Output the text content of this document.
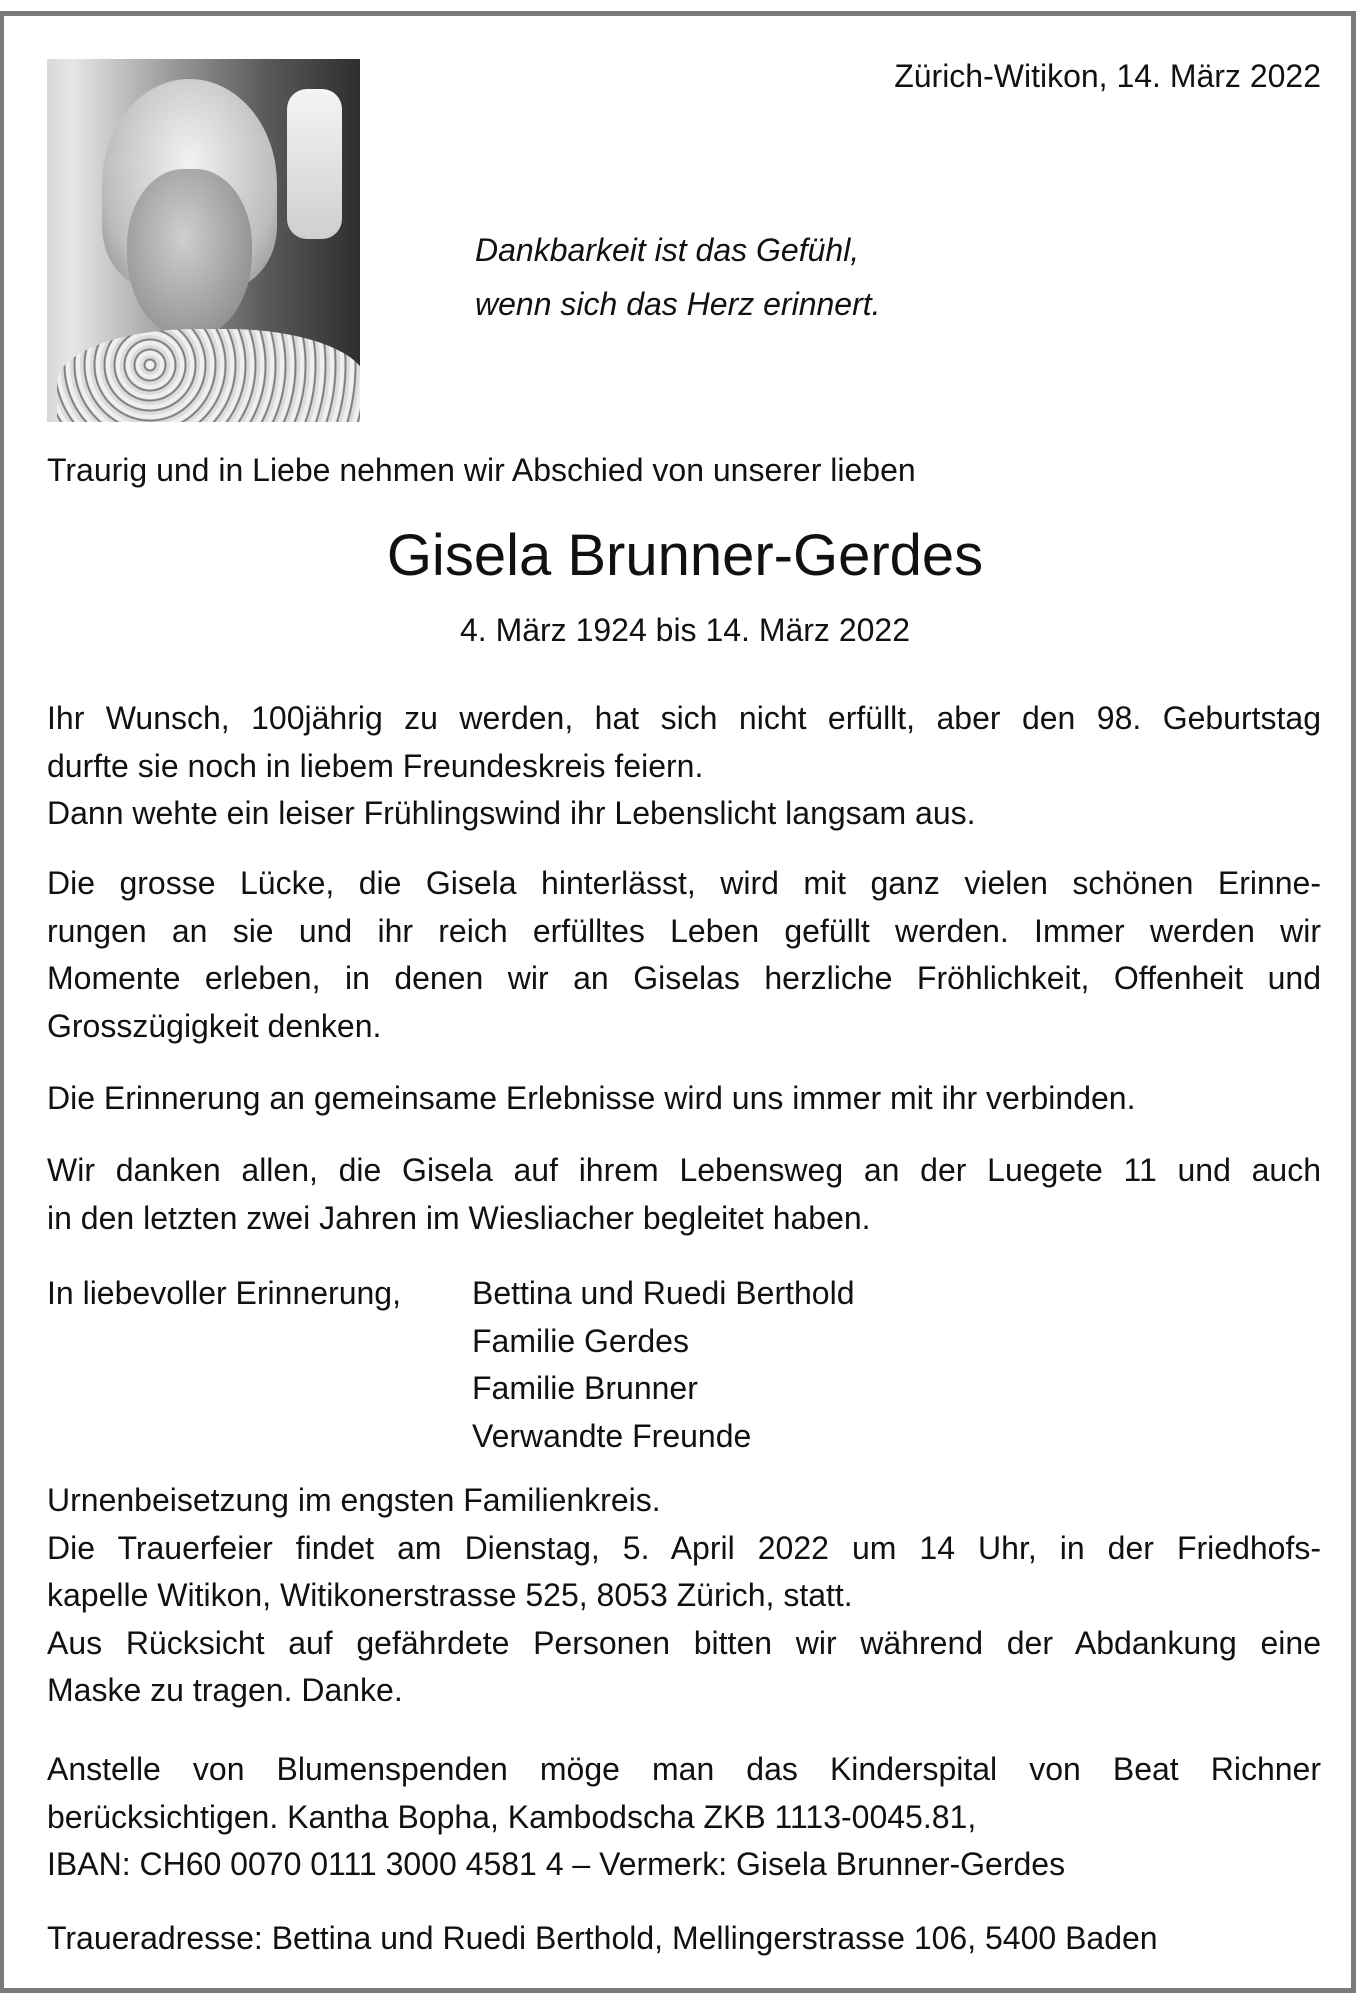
Zürich-Witikon, 14. März 2022
Dankbarkeit ist das Gefühl,
wenn sich das Herz erinnert.
Traurig und in Liebe nehmen wir Abschied von unserer lieben
Gisela Brunner-Gerdes
4. März 1924 bis 14. März 2022
Ihr Wunsch, 100jährig zu werden, hat sich nicht erfüllt, aber den 98. Geburtstag
durfte sie noch in liebem Freundeskreis feiern.
Dann wehte ein leiser Frühlingswind ihr Lebenslicht langsam aus.
Die grosse Lücke, die Gisela hinterlässt, wird mit ganz vielen schönen Erinne-
rungen an sie und ihr reich erfülltes Leben gefüllt werden. Immer werden wir
Momente erleben, in denen wir an Giselas herzliche Fröhlichkeit, Offenheit und
Grosszügigkeit denken.
Die Erinnerung an gemeinsame Erlebnisse wird uns immer mit ihr verbinden.
Wir danken allen, die Gisela auf ihrem Lebensweg an der Luegete 11 und auch
in den letzten zwei Jahren im Wiesliacher begleitet haben.
In liebevoller Erinnerung, Bettina und Ruedi Berthold
Familie Gerdes
Familie Brunner
Verwandte Freunde
Urnenbeisetzung im engsten Familienkreis.
Die Trauerfeier findet am Dienstag, 5. April 2022 um 14 Uhr, in der Friedhofs-
kapelle Witikon, Witikonerstrasse 525, 8053 Zürich, statt.
Aus Rücksicht auf gefährdete Personen bitten wir während der Abdankung eine
Maske zu tragen. Danke.
Anstelle von Blumenspenden möge man das Kinderspital von Beat Richner
berücksichtigen. Kantha Bopha, Kambodscha ZKB 1113-0045.81,
IBAN: CH60 0070 0111 3000 4581 4 – Vermerk: Gisela Brunner-Gerdes
Traueradresse: Bettina und Ruedi Berthold, Mellingerstrasse 106, 5400 Baden
